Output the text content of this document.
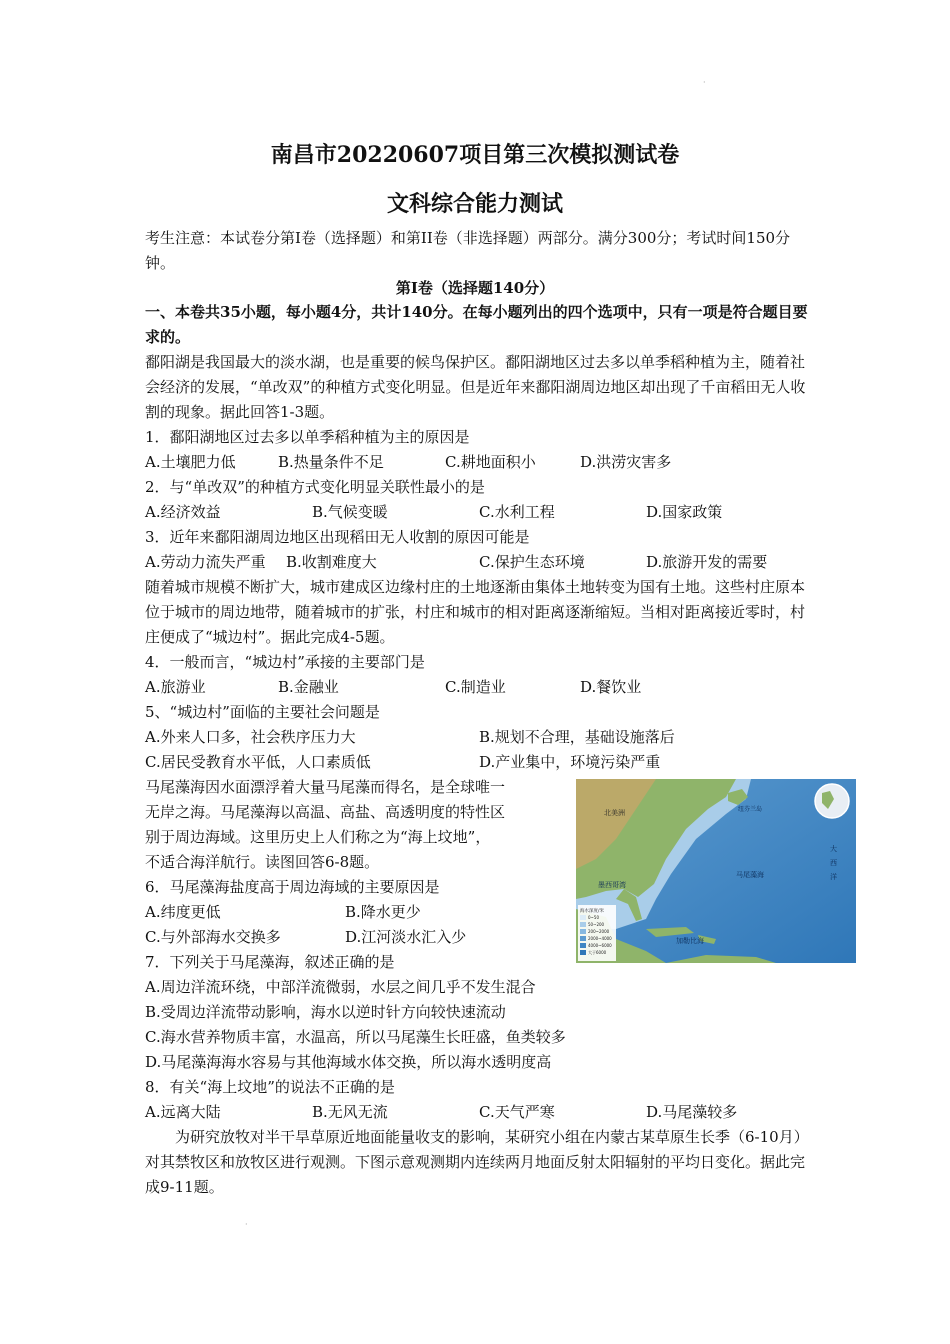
·
南昌市20220607项目第三次模拟测试卷
文科综合能力测试
考生注意：本试卷分第I卷（选择题）和第II卷（非选择题）两部分。满分300分；考试时间150分钟。
第I卷（选择题140分）
一、本卷共35小题，每小题4分，共计140分。在每小题列出的四个选项中，只有一项是符合题目要求的。
鄱阳湖是我国最大的淡水湖，也是重要的候鸟保护区。鄱阳湖地区过去多以单季稻种植为主，随着社会经济的发展，“单改双”的种植方式变化明显。但是近年来鄱阳湖周边地区却出现了千亩稻田无人收割的现象。据此回答1-3题。
1．鄱阳湖地区过去多以单季稻种植为主的原因是
A.土壤肥力低	B.热量条件不足	C.耕地面积小	D.洪涝灾害多
2．与“单改双”的种植方式变化明显关联性最小的是
A.经济效益	B.气候变暖	C.水利工程	D.国家政策
3．近年来鄱阳湖周边地区出现稻田无人收割的原因可能是
A.劳动力流失严重 B.收割难度大	C.保护生态环境	D.旅游开发的需要
随着城市规模不断扩大，城市建成区边缘村庄的土地逐渐由集体土地转变为国有土地。这些村庄原本位于城市的周边地带，随着城市的扩张，村庄和城市的相对距离逐渐缩短。当相对距离接近零时，村庄便成了“城边村”。据此完成4-5题。
4．一般而言，“城边村”承接的主要部门是
A.旅游业	B.金融业	C.制造业	D.餐饮业
5、“城边村”面临的主要社会问题是
A.外来人口多，社会秩序压力大	B.规划不合理，基础设施落后
C.居民受教育水平低，人口素质低	D.产业集中，环境污染严重
马尾藻海因水面漂浮着大量马尾藻而得名，是全球唯一
无岸之海。马尾藻海以高温、高盐、高透明度的特性区
别于周边海域。这里历史上人们称之为“海上坟地”，
不适合海洋航行。读图回答6-8题。
6．马尾藻海盐度高于周边海域的主要原因是
A.纬度更低	B.降水更少
C.与外部海水交换多	D.江河淡水汇入少
7．下列关于马尾藻海，叙述正确的是
A.周边洋流环绕，中部洋流微弱，水层之间几乎不发生混合
B.受周边洋流带动影响，海水以逆时针方向较快速流动
C.海水营养物质丰富，水温高，所以马尾藻生长旺盛，鱼类较多
D.马尾藻海海水容易与其他海域水体交换，所以海水透明度高
8．有关“海上坟地”的说法不正确的是
A.远离大陆	B.无风无流	C.天气严寒	D.马尾藻较多
为研究放牧对半干旱草原近地面能量收支的影响，某研究小组在内蒙古某草原生长季（6-10月）对其禁牧区和放牧区进行观测。下图示意观测期内连续两月地面反射太阳辐射的平均日变化。据此完成9-11题。
·
北美洲	纽芬兰岛
大
西
洋
马尾藻海
墨西哥湾
加勒比海
海水深度/米
0~50
50~200
200~2000
2000~4000
4000~6000
大于6000
